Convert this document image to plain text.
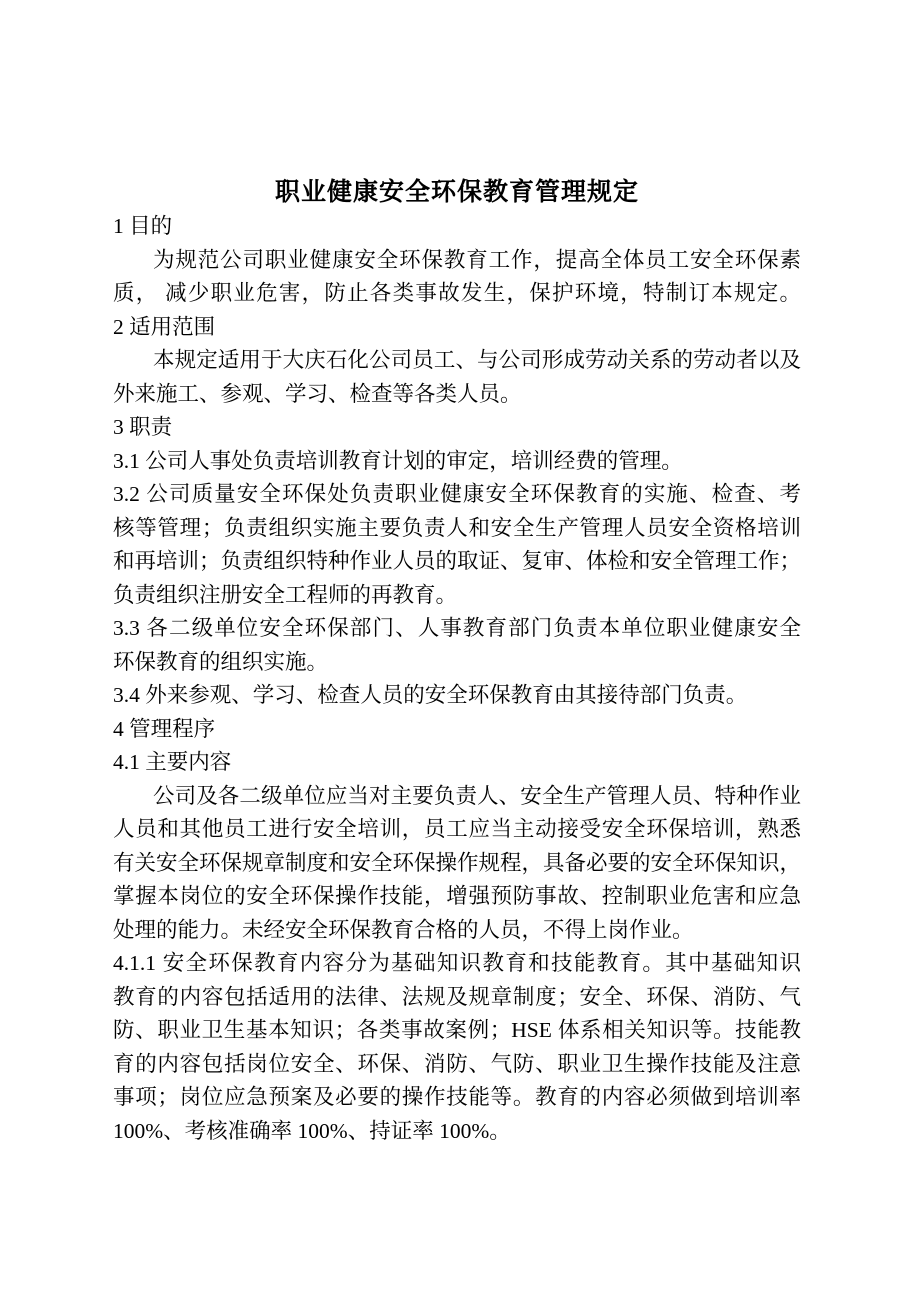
职业健康安全环保教育管理规定
1 目的
为规范公司职业健康安全环保教育工作，提高全体员工安全环保素
质， 减少职业危害，防止各类事故发生，保护环境，特制订本规定。
2 适用范围
本规定适用于大庆石化公司员工、与公司形成劳动关系的劳动者以及
外来施工、参观、学习、检查等各类人员。
3 职责
3.1 公司人事处负责培训教育计划的审定，培训经费的管理。
3.2 公司质量安全环保处负责职业健康安全环保教育的实施、检查、考
核等管理；负责组织实施主要负责人和安全生产管理人员安全资格培训
和再培训；负责组织特种作业人员的取证、复审、体检和安全管理工作；
负责组织注册安全工程师的再教育。
3.3 各二级单位安全环保部门、人事教育部门负责本单位职业健康安全
环保教育的组织实施。
3.4 外来参观、学习、检查人员的安全环保教育由其接待部门负责。
4 管理程序
4.1 主要内容
公司及各二级单位应当对主要负责人、安全生产管理人员、特种作业
人员和其他员工进行安全培训，员工应当主动接受安全环保培训，熟悉
有关安全环保规章制度和安全环保操作规程，具备必要的安全环保知识，
掌握本岗位的安全环保操作技能，增强预防事故、控制职业危害和应急
处理的能力。未经安全环保教育合格的人员，不得上岗作业。
4.1.1 安全环保教育内容分为基础知识教育和技能教育。其中基础知识
教育的内容包括适用的法律、法规及规章制度；安全、环保、消防、气
防、职业卫生基本知识；各类事故案例；HSE 体系相关知识等。技能教
育的内容包括岗位安全、环保、消防、气防、职业卫生操作技能及注意
事项；岗位应急预案及必要的操作技能等。教育的内容必须做到培训率
100%、考核准确率 100%、持证率 100%。
